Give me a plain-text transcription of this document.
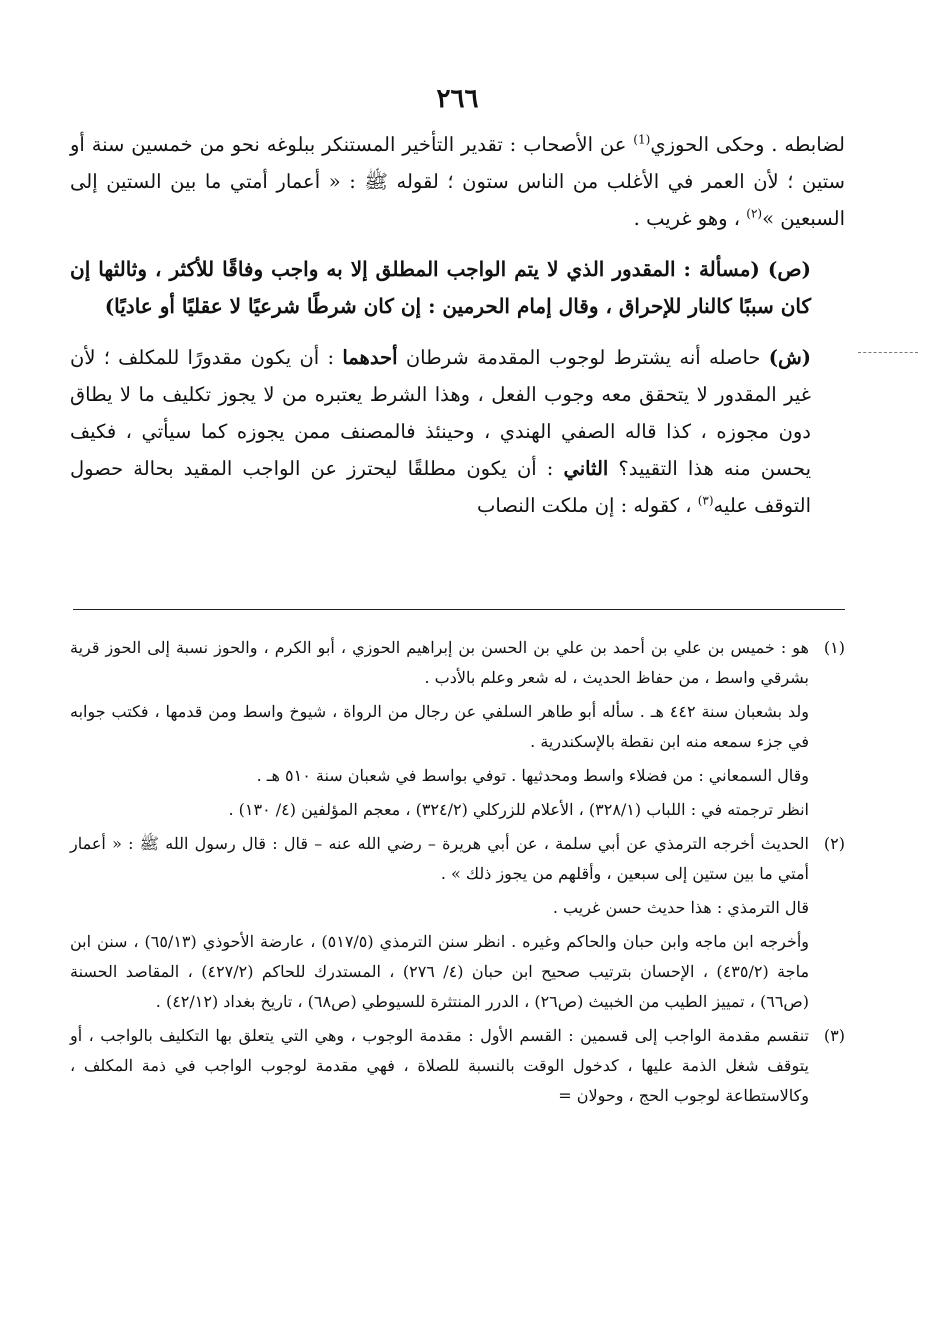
٢٦٦

لضابطه . وحكى الحوزي$^{(1)}$ عن الأصحاب : تقدير التأخير المستنكر ببلوغه نحو من خمسين سنة أو ستين ؛ لأن العمر في الأغلب من الناس ستون ؛ لقوله ﷺ : « أعمار أمتي ما بين الستين إلى السبعين »$^{(٢)}$ ، وهو غريب .

(ص) (مسألة : المقدور الذي لا يتم الواجب المطلق إلا به واجب وفاقًا للأكثر ، وثالثها إن كان سببًا كالنار للإحراق ، وقال إمام الحرمين : إن كان شرطًا شرعيًا لا عقليًا أو عاديًا)

(ش) حاصله أنه يشترط لوجوب المقدمة شرطان أحدهما : أن يكون مقدورًا للمكلف ؛ لأن غير المقدور لا يتحقق معه وجوب الفعل ، وهذا الشرط يعتبره من لا يجوز تكليف ما لا يطاق دون مجوزه ، كذا قاله الصفي الهندي ، وحينئذ فالمصنف ممن يجوزه كما سيأتي ، فكيف يحسن منه هذا التقييد؟ الثاني : أن يكون مطلقًا ليحترز عن الواجب المقيد بحالة حصول التوقف عليه$^{(٣)}$ ، كقوله : إن ملكت النصاب

(١)

هو : خميس بن علي بن أحمد بن علي بن الحسن بن إبراهيم الحوزي ، أبو الكرم ، والحوز نسبة إلى الحوز قرية بشرقي واسط ، من حفاظ الحديث ، له شعر وعلم بالأدب .

ولد بشعبان سنة ٤٤٢ هـ . سأله أبو طاهر السلفي عن رجال من الرواة ، شيوخ واسط ومن قدمها ، فكتب جوابه في جزء سمعه منه ابن نقطة بالإسكندرية .

وقال السمعاني : من فضلاء واسط ومحدثيها . توفي بواسط في شعبان سنة ٥١٠ هـ .

انظر ترجمته في : اللباب (٣٢٨/١) ، الأعلام للزركلي (٣٢٤/٢) ، معجم المؤلفين (٤/ ١٣٠) .

(٢)

الحديث أخرجه الترمذي عن أبي سلمة ، عن أبي هريرة – رضي الله عنه – قال : قال رسول الله ﷺ : « أعمار أمتي ما بين ستين إلى سبعين ، وأقلهم من يجوز ذلك » .

قال الترمذي : هذا حديث حسن غريب .

وأخرجه ابن ماجه وابن حبان والحاكم وغيره . انظر سنن الترمذي (٥١٧/٥) ، عارضة الأحوذي (٦٥/١٣) ، سنن ابن ماجة (٤٣٥/٢) ، الإحسان بترتيب صحيح ابن حبان (٤/ ٢٧٦) ، المستدرك للحاكم (٤٢٧/٢) ، المقاصد الحسنة (ص٦٦) ، تمييز الطيب من الخبيث (ص٢٦) ، الدرر المنتثرة للسيوطي (ص٦٨) ، تاريخ بغداد (٤٢/١٢) .

(٣)

تنقسم مقدمة الواجب إلى قسمين : القسم الأول : مقدمة الوجوب ، وهي التي يتعلق بها التكليف بالواجب ، أو يتوقف شغل الذمة عليها ، كدخول الوقت بالنسبة للصلاة ، فهي مقدمة لوجوب الواجب في ذمة المكلف ، وكالاستطاعة لوجوب الحج ، وحولان =
